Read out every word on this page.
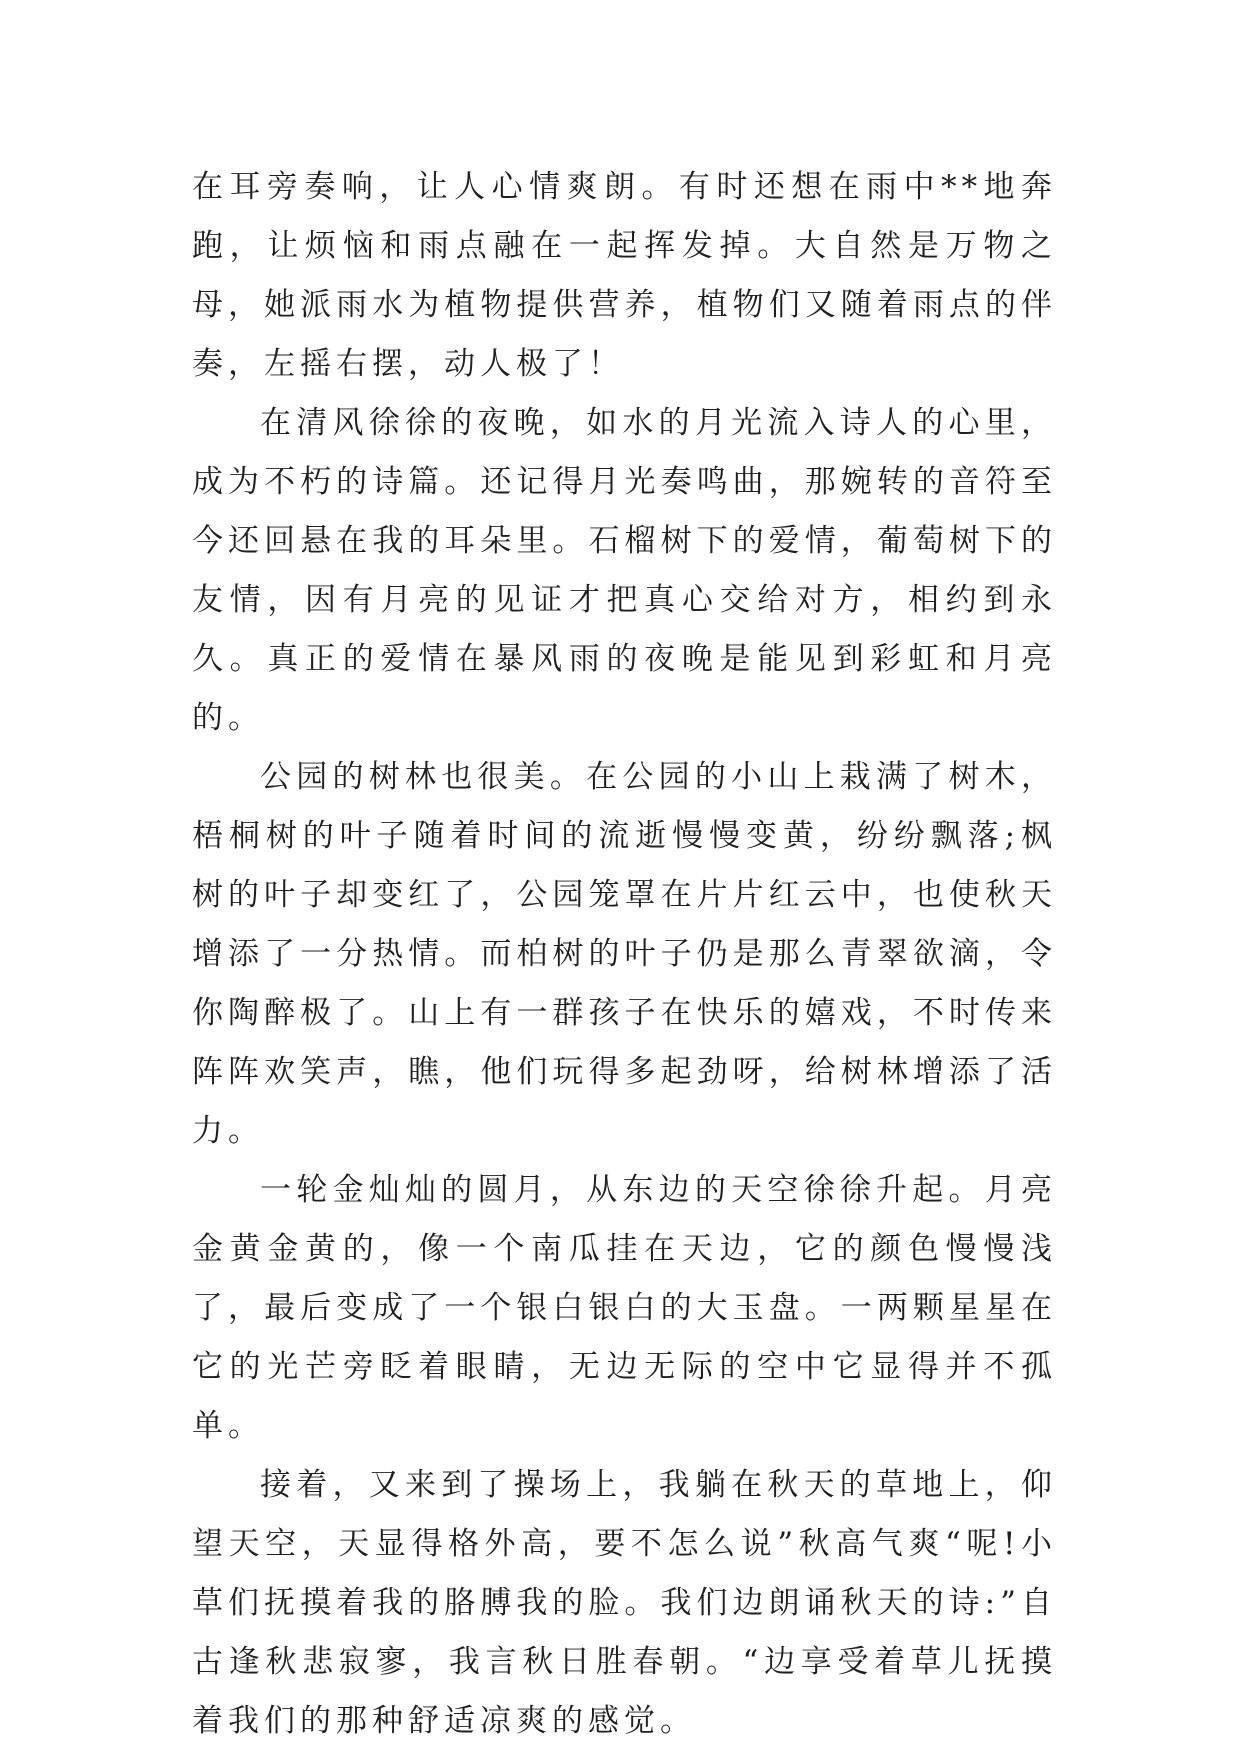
在耳旁奏响，让人心情爽朗。有时还想在雨中**地奔跑，让烦恼和雨点融在一起挥发掉。大自然是万物之母，她派雨水为植物提供营养，植物们又随着雨点的伴奏，左摇右摆，动人极了！

在清风徐徐的夜晚，如水的月光流入诗人的心里，成为不朽的诗篇。还记得月光奏鸣曲，那婉转的音符至今还回悬在我的耳朵里。石榴树下的爱情，葡萄树下的友情，因有月亮的见证才把真心交给对方，相约到永久。真正的爱情在暴风雨的夜晚是能见到彩虹和月亮的。

公园的树林也很美。在公园的小山上栽满了树木，梧桐树的叶子随着时间的流逝慢慢变黄，纷纷飘落;枫树的叶子却变红了，公园笼罩在片片红云中，也使秋天增添了一分热情。而柏树的叶子仍是那么青翠欲滴，令你陶醉极了。山上有一群孩子在快乐的嬉戏，不时传来阵阵欢笑声，瞧，他们玩得多起劲呀，给树林增添了活力。

一轮金灿灿的圆月，从东边的天空徐徐升起。月亮金黄金黄的，像一个南瓜挂在天边，它的颜色慢慢浅了，最后变成了一个银白银白的大玉盘。一两颗星星在它的光芒旁眨着眼睛，无边无际的空中它显得并不孤单。

接着，又来到了操场上，我躺在秋天的草地上，仰望天空，天显得格外高，要不怎么说”秋高气爽“呢!小草们抚摸着我的胳膊我的脸。我们边朗诵秋天的诗:”自古逢秋悲寂寥，我言秋日胜春朝。“边享受着草儿抚摸着我们的那种舒适凉爽的感觉。
